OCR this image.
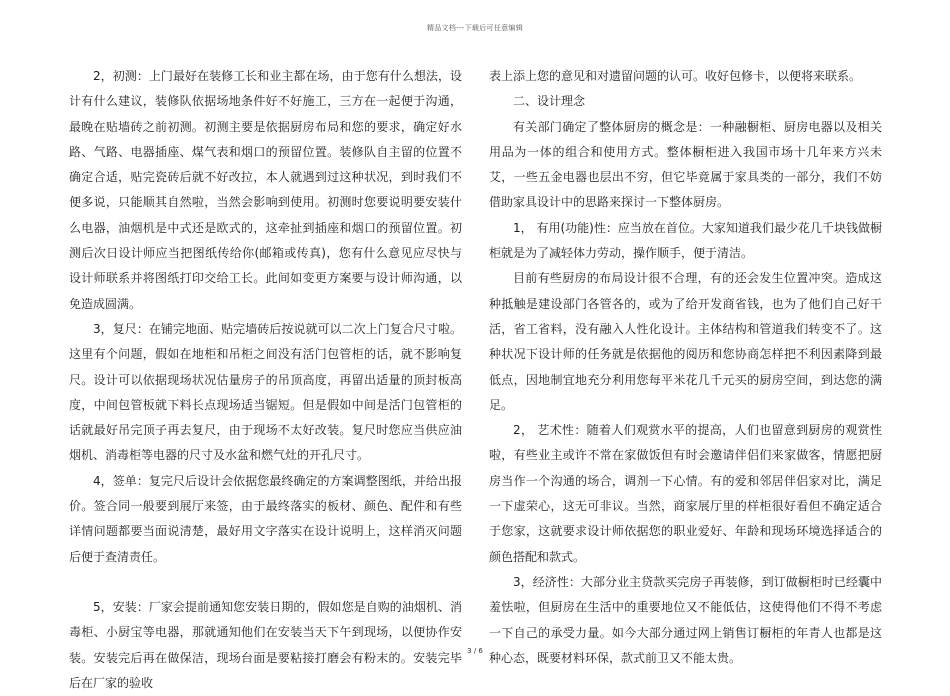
精品文档---下载后可任意编辑

2，初测：上门最好在装修工长和业主都在场，由于您有什么想法，设计有什么建议，装修队依据场地条件好不好施工，三方在一起便于沟通，最晚在贴墙砖之前初测。初测主要是依据厨房布局和您的要求，确定好水路、气路、电器插座、煤气表和烟口的预留位置。装修队自主留的位置不确定合适，贴完瓷砖后就不好改拉，本人就遇到过这种状况，到时我们不便多说，只能顺其自然啦，当然会影响到使用。初测时您要说明要安装什么电器，油烟机是中式还是欧式的，这牵扯到插座和烟口的预留位置。初测后次日设计师应当把图纸传给你(邮箱或传真)，您有什么意见应尽快与设计师联系并将图纸打印交给工长。此间如变更方案要与设计师沟通，以免造成圆满。

3，复尺：在铺完地面、贴完墙砖后按说就可以二次上门复合尺寸啦。这里有个问题，假如在地柜和吊柜之间没有活门包管柜的话，就不影响复尺。设计可以依据现场状况估量房子的吊顶高度，再留出适量的顶封板高度，中间包管板就下料长点现场适当锯短。但是假如中间是活门包管柜的话就最好吊完顶子再去复尺，由于现场不太好改装。复尺时您应当供应油烟机、消毒柜等电器的尺寸及水盆和燃气灶的开孔尺寸。

4，签单：复完尺后设计会依据您最终确定的方案调整图纸，并给出报价。签合同一般要到展厅来签，由于最终落实的板材、颜色、配件和有些详情问题都要当面说清楚，最好用文字落实在设计说明上，这样消灭问题后便于查清责任。

5，安装：厂家会提前通知您安装日期的，假如您是自购的油烟机、消毒柜、小厨宝等电器，那就通知他们在安装当天下午到现场，以便协作安装。安装完后再在做保洁，现场台面是要粘接打磨会有粉末的。安装完毕后在厂家的验收

表上添上您的意见和对遗留问题的认可。收好包修卡，以便将来联系。

二、设计理念

有关部门确定了整体厨房的概念是：一种融橱柜、厨房电器以及相关用品为一体的组合和使用方式。整体橱柜进入我国市场十几年来方兴未艾，一些五金电器也层出不穷，但它毕竟属于家具类的一部分，我们不妨借助家具设计中的思路来探讨一下整体厨房。

1， 有用(功能)性：应当放在首位。大家知道我们最少花几千块钱做橱柜就是为了减轻体力劳动，操作顺手，便于清洁。

目前有些厨房的布局设计很不合理，有的还会发生位置冲突。造成这种抵触是建设部门各管各的，或为了给开发商省钱，也为了他们自己好干活，省工省料，没有融入人性化设计。主体结构和管道我们转变不了。这种状况下设计师的任务就是依据他的阅历和您协商怎样把不利因素降到最低点，因地制宜地充分利用您每平米花几千元买的厨房空间，到达您的满足。

2， 艺术性：随着人们观赏水平的提高，人们也留意到厨房的观赏性啦，有些业主或许不常在家做饭但有时会邀请伴侣们来家做客，情愿把厨房当作一个沟通的场合，调剂一下心情。有的爱和邻居伴侣家对比，满足一下虚荣心，这无可非议。当然，商家展厅里的样柜很好看但不确定适合于您家，这就要求设计师依据您的职业爱好、年龄和现场环境选择适合的颜色搭配和款式。

3，经济性：大部分业主贷款买完房子再装修，到订做橱柜时已经囊中羞怯啦，但厨房在生活中的重要地位又不能低估，这使得他们不得不考虑一下自己的承受力量。如今大部分通过网上销售订橱柜的年青人也都是这种心态，既要材料环保，款式前卫又不能太贵。

3 / 6
